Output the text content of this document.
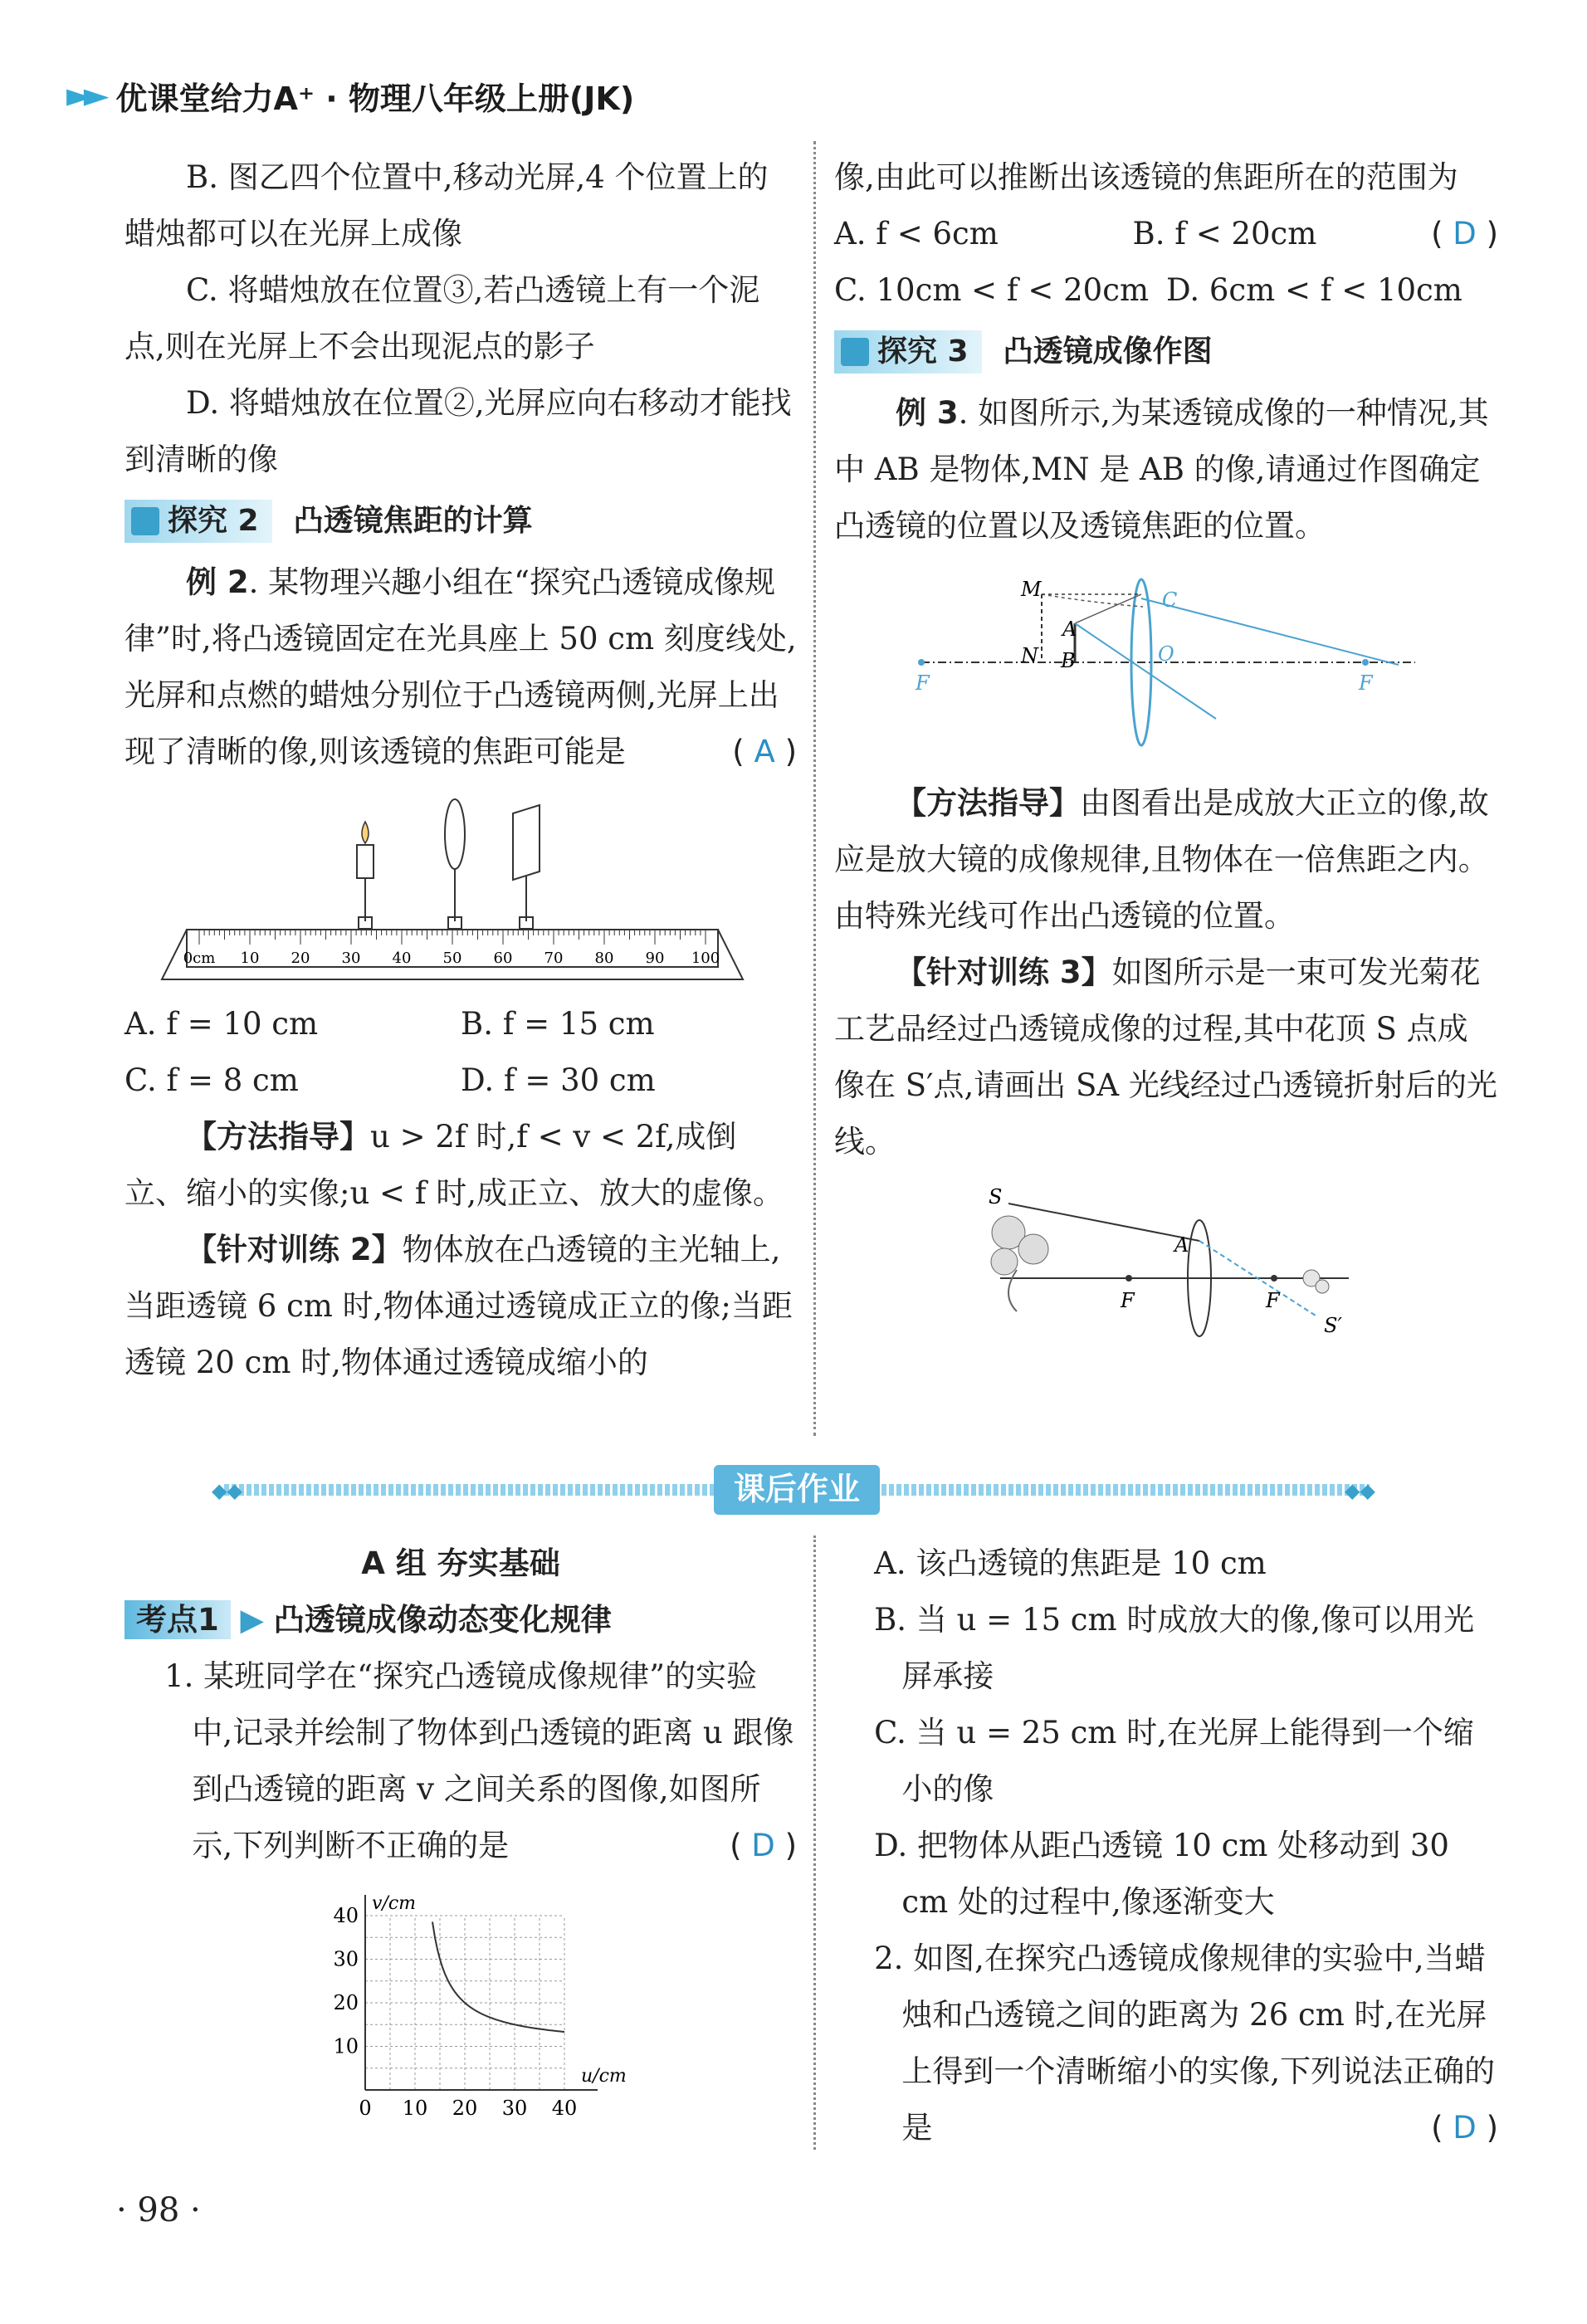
►► 优课堂给力A⁺ · 物理八年级上册(JK)

B. 图乙四个位置中,移动光屏,4 个位置上的蜡烛都可以在光屏上成像

C. 将蜡烛放在位置③,若凸透镜上有一个泥点,则在光屏上不会出现泥点的影子

D. 将蜡烛放在位置②,光屏应向右移动才能找到清晰的像

探究 2 凸透镜焦距的计算

例 2. 某物理兴趣小组在“探究凸透镜成像规律”时,将凸透镜固定在光具座上 50 cm 刻度线处,光屏和点燃的蜡烛分别位于凸透镜两侧,光屏上出现了清晰的像,则该透镜的焦距可能是	( A )

0cm 10 20 30 40 50 60 70 80 90 100
A. f = 10 cm	B. f = 15 cm
C. f = 8 cm	D. f = 30 cm

【方法指导】u > 2f 时,f < v < 2f,成倒立、缩小的实像;u < f 时,成正立、放大的虚像。

【针对训练 2】物体放在凸透镜的主光轴上,当距透镜 6 cm 时,物体通过透镜成正立的像;当距透镜 20 cm 时,物体通过透镜成缩小的

像,由此可以推断出该透镜的焦距所在的范围为
( D )

A. f < 6cm	B. f < 20cm
C. 10cm < f < 20cm D. 6cm < f < 10cm
探究 3 凸透镜成像作图

例 3. 如图所示,为某透镜成像的一种情况,其中 AB 是物体,MN 是 AB 的像,请通过作图确定凸透镜的位置以及透镜焦距的位置。

M
A
N B
C
O
F	F

【方法指导】由图看出是成放大正立的像,故应是放大镜的成像规律,且物体在一倍焦距之内。由特殊光线可作出凸透镜的位置。

【针对训练 3】如图所示是一束可发光菊花工艺品经过凸透镜成像的过程,其中花顶 S 点成像在 S′点,请画出 SA 光线经过凸透镜折射后的光线。

S
A
F	F
S′
◆◆	◆◆
课后作业

A 组 夯实基础

考点1 ▶ 凸透镜成像动态变化规律

1. 某班同学在“探究凸透镜成像规律”的实验中,记录并绘制了物体到凸透镜的距离 u 跟像到凸透镜的距离 v 之间关系的图像,如图所示,下列判断不正确的是	( D )

0 10 20 30 40
10
20
30
40
u/cm
v/cm

A. 该凸透镜的焦距是 10 cm

B. 当 u = 15 cm 时成放大的像,像可以用光屏承接

C. 当 u = 25 cm 时,在光屏上能得到一个缩小的像

D. 把物体从距凸透镜 10 cm 处移动到 30 cm 处的过程中,像逐渐变大

2. 如图,在探究凸透镜成像规律的实验中,当蜡烛和凸透镜之间的距离为 26 cm 时,在光屏上得到一个清晰缩小的实像,下列说法正确的是	( D )

· 98 ·
